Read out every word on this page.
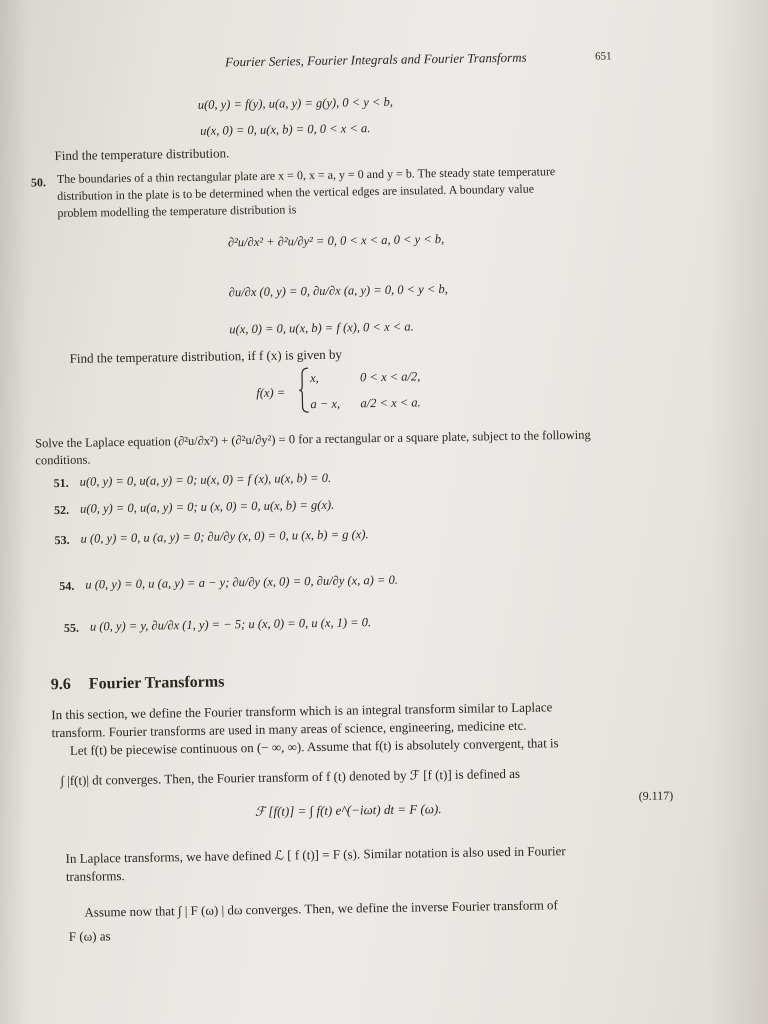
Fourier Series, Fourier Integrals and Fourier Transforms	651
u(0, y) = f(y), u(a, y) = g(y), 0 < y < b,
u(x, 0) = 0, u(x, b) = 0, 0 < x < a.
Find the temperature distribution.
50. The boundaries of a thin rectangular plate are x = 0, x = a, y = 0 and y = b. The steady state temperature
distribution in the plate is to be determined when the vertical edges are insulated. A boundary value
problem modelling the temperature distribution is
∂²u/∂x² + ∂²u/∂y² = 0, 0 < x < a, 0 < y < b,
∂u/∂x (0, y) = 0, ∂u/∂x (a, y) = 0, 0 < y < b,
u(x, 0) = 0, u(x, b) = f (x), 0 < x < a.
Find the temperature distribution, if f (x) is given by
f(x) =
x,	0 < x < a/2,
a − x, a/2 < x < a.
Solve the Laplace equation (∂²u/∂x²) + (∂²u/∂y²) = 0 for a rectangular or a square plate, subject to the following
conditions.
51. u(0, y) = 0, u(a, y) = 0; u(x, 0) = f (x), u(x, b) = 0.
52. u(0, y) = 0, u(a, y) = 0; u (x, 0) = 0, u(x, b) = g(x).
53. u (0, y) = 0, u (a, y) = 0; ∂u/∂y (x, 0) = 0, u (x, b) = g (x).
54. u (0, y) = 0, u (a, y) = a − y; ∂u/∂y (x, 0) = 0, ∂u/∂y (x, a) = 0.
55. u (0, y) = y, ∂u/∂x (1, y) = − 5; u (x, 0) = 0, u (x, 1) = 0.
9.6 Fourier Transforms
In this section, we define the Fourier transform which is an integral transform similar to Laplace
transform. Fourier transforms are used in many areas of science, engineering, medicine etc.
Let f(t) be piecewise continuous on (− ∞, ∞). Assume that f(t) is absolutely convergent, that is
∫ |f(t)| dt converges. Then, the Fourier transform of f (t) denoted by ℱ [f (t)] is defined as
ℱ [f(t)] = ∫ f(t) e^(−iωt) dt = F (ω).
(9.117)
In Laplace transforms, we have defined ℒ [ f (t)] = F (s). Similar notation is also used in Fourier
transforms.
Assume now that ∫ | F (ω) | dω converges. Then, we define the inverse Fourier transform of
F (ω) as
